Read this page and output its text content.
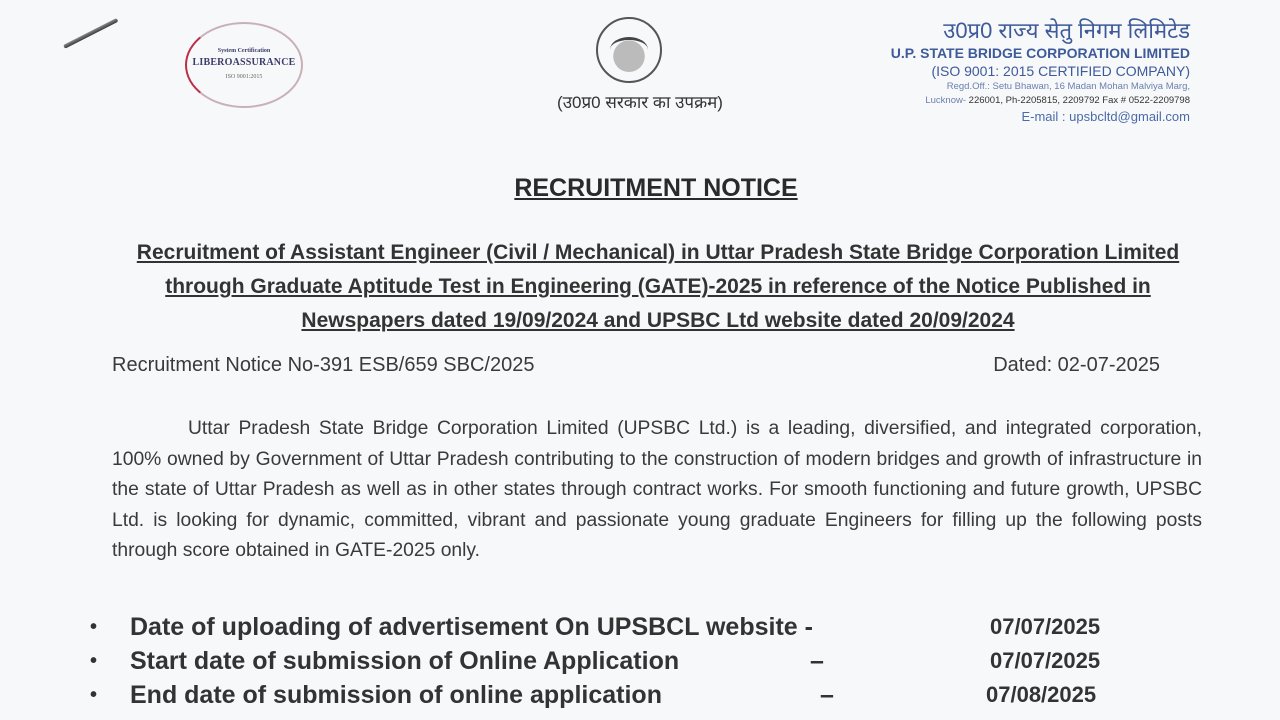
System Certification
LIBEROASSURANCE
ISO 9001:2015
(उ0प्र0 सरकार का उपक्रम)
उ0प्र0 राज्य सेतु निगम लिमिटेड
U.P. STATE BRIDGE CORPORATION LIMITED
(ISO 9001: 2015 CERTIFIED COMPANY)
Regd.Off.: Setu Bhawan, 16 Madan Mohan Malviya Marg,
Lucknow- 226001, Ph-2205815, 2209792 Fax # 0522-2209798
E-mail : upsbcltd@gmail.com
RECRUITMENT NOTICE
Recruitment of Assistant Engineer (Civil / Mechanical) in Uttar Pradesh State Bridge Corporation Limited through Graduate Aptitude Test in Engineering (GATE)-2025 in reference of the Notice Published in Newspapers dated 19/09/2024 and UPSBC Ltd website dated 20/09/2024
Recruitment Notice No-391 ESB/659 SBC/2025	Dated: 02-07-2025
Uttar Pradesh State Bridge Corporation Limited (UPSBC Ltd.) is a leading, diversified, and integrated corporation, 100% owned by Government of Uttar Pradesh contributing to the construction of modern bridges and growth of infrastructure in the state of Uttar Pradesh as well as in other states through contract works. For smooth functioning and future growth, UPSBC Ltd. is looking for dynamic, committed, vibrant and passionate young graduate Engineers for filling up the following posts through score obtained in GATE-2025 only.
•	Date of uploading of advertisement On UPSBCL website -	07/07/2025
•	Start date of submission of Online Application	–	07/07/2025
•	End date of submission of online application	–	07/08/2025
